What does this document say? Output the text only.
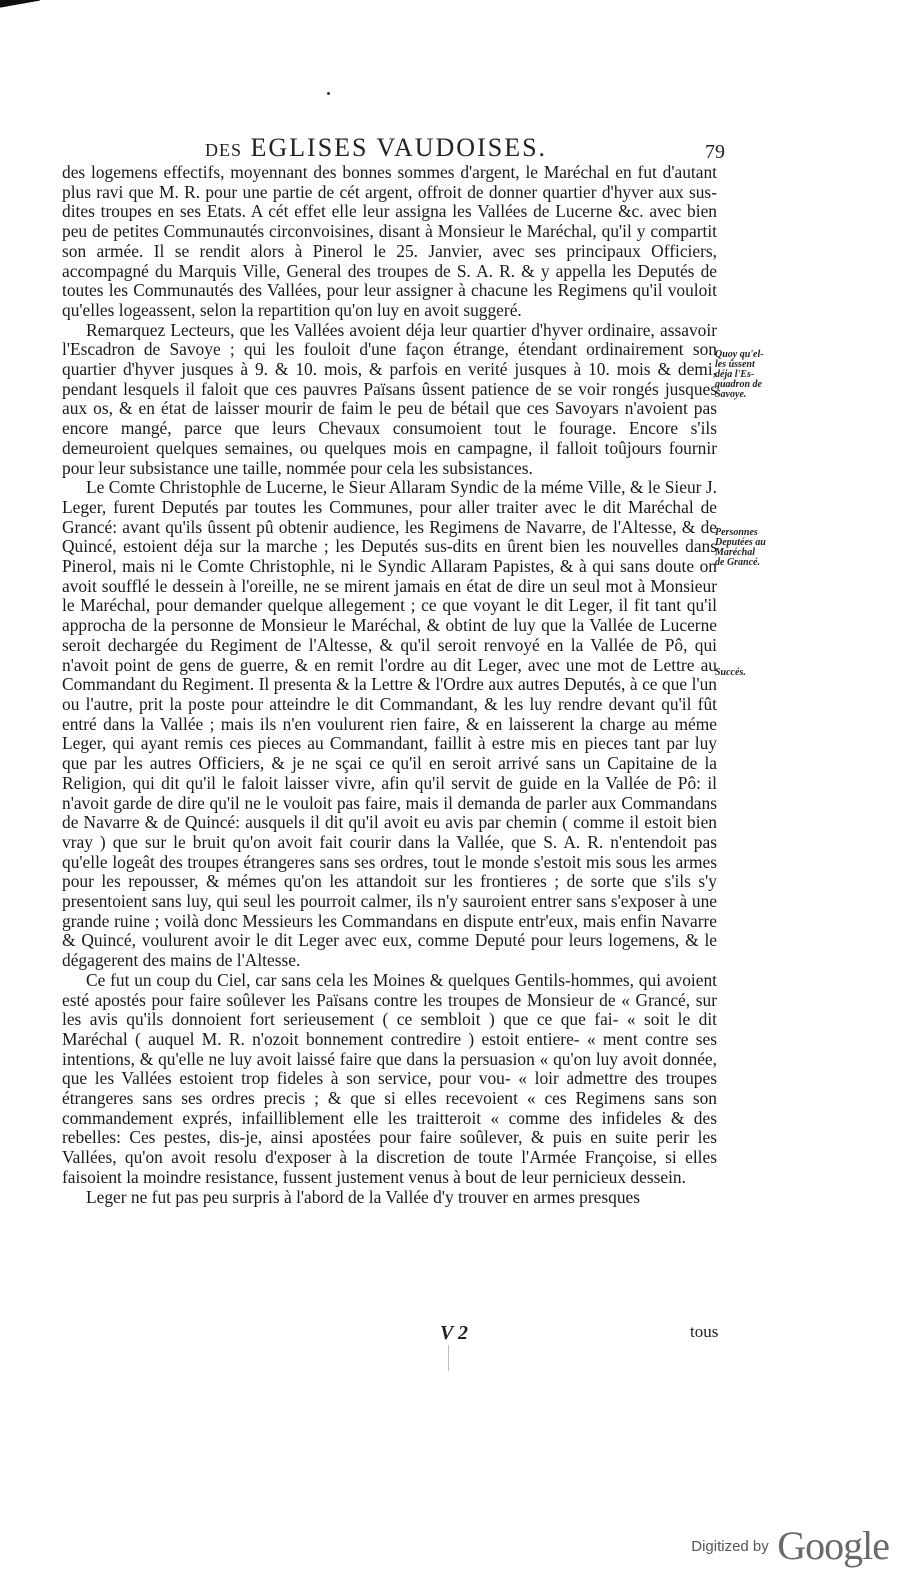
DES EGLISES VAUDOISES.	79

des logemens effectifs, moyennant des bonnes sommes d'argent, le Maréchal en fut d'autant plus ravi que M. R. pour une partie de cét argent, offroit de donner quartier d'hyver aux sus-dites troupes en ses Etats. A cét effet elle leur assigna les Vallées de Lucerne &c. avec bien peu de petites Communautés circonvoisines, disant à Monsieur le Maréchal, qu'il y compartit son armée. Il se rendit alors à Pinerol le 25. Janvier, avec ses principaux Officiers, accompagné du Marquis Ville, General des troupes de S. A. R. & y appella les Deputés de toutes les Communautés des Vallées, pour leur assigner à chacune les Regimens qu'il vouloit qu'elles logeassent, selon la repartition qu'on luy en avoit suggeré.

Remarquez Lecteurs, que les Vallées avoient déja leur quartier d'hyver ordinaire, assavoir l'Escadron de Savoye ; qui les fouloit d'une façon étrange, étendant ordinairement son quartier d'hyver jusques à 9. & 10. mois, & parfois en verité jusques à 10. mois & demi, pendant lesquels il faloit que ces pauvres Païsans ûssent patience de se voir rongés jusques aux os, & en état de laisser mourir de faim le peu de bétail que ces Savoyars n'avoient pas encore mangé, parce que leurs Chevaux consumoient tout le fourage. Encore s'ils demeuroient quelques semaines, ou quelques mois en campagne, il falloit toûjours fournir pour leur subsistance une taille, nommée pour cela les subsistances.

Le Comte Christophle de Lucerne, le Sieur Allaram Syndic de la méme Ville, & le Sieur J. Leger, furent Deputés par toutes les Communes, pour aller traiter avec le dit Maréchal de Grancé: avant qu'ils ûssent pû obtenir audience, les Regimens de Navarre, de l'Altesse, & de Quincé, estoient déja sur la marche ; les Deputés sus-dits en ûrent bien les nouvelles dans Pinerol, mais ni le Comte Christophle, ni le Syndic Allaram Papistes, & à qui sans doute on avoit soufflé le dessein à l'oreille, ne se mirent jamais en état de dire un seul mot à Monsieur le Maréchal, pour demander quelque allegement ; ce que voyant le dit Leger, il fit tant qu'il approcha de la personne de Monsieur le Maréchal, & obtint de luy que la Vallée de Lucerne seroit dechargée du Regiment de l'Altesse, & qu'il seroit renvoyé en la Vallée de Pô, qui n'avoit point de gens de guerre, & en remit l'ordre au dit Leger, avec une mot de Lettre au Commandant du Regiment. Il presenta & la Lettre & l'Ordre aux autres Deputés, à ce que l'un ou l'autre, prit la poste pour atteindre le dit Commandant, & les luy rendre devant qu'il fût entré dans la Vallée ; mais ils n'en voulurent rien faire, & en laisserent la charge au méme Leger, qui ayant remis ces pieces au Commandant, faillit à estre mis en pieces tant par luy que par les autres Officiers, & je ne sçai ce qu'il en seroit arrivé sans un Capitaine de la Religion, qui dit qu'il le faloit laisser vivre, afin qu'il servit de guide en la Vallée de Pô: il n'avoit garde de dire qu'il ne le vouloit pas faire, mais il demanda de parler aux Commandans de Navarre & de Quincé: ausquels il dit qu'il avoit eu avis par chemin ( comme il estoit bien vray ) que sur le bruit qu'on avoit fait courir dans la Vallée, que S. A. R. n'entendoit pas qu'elle logeât des troupes étrangeres sans ses ordres, tout le monde s'estoit mis sous les armes pour les repousser, & mémes qu'on les attandoit sur les frontieres ; de sorte que s'ils s'y presentoient sans luy, qui seul les pourroit calmer, ils n'y sauroient entrer sans s'exposer à une grande ruine ; voilà donc Messieurs les Commandans en dispute entr'eux, mais enfin Navarre & Quincé, voulurent avoir le dit Leger avec eux, comme Deputé pour leurs logemens, & le dégagerent des mains de l'Altesse.

Ce fut un coup du Ciel, car sans cela les Moines & quelques Gentils-hommes, qui avoient esté apostés pour faire soûlever les Païsans contre les troupes de Monsieur de « Grancé, sur les avis qu'ils donnoient fort serieusement ( ce sembloit ) que ce que fai- « soit le dit Maréchal ( auquel M. R. n'ozoit bonnement contredire ) estoit entiere- « ment contre ses intentions, & qu'elle ne luy avoit laissé faire que dans la persuasion « qu'on luy avoit donnée, que les Vallées estoient trop fideles à son service, pour vou- « loir admettre des troupes étrangeres sans ses ordres precis ; & que si elles recevoient « ces Regimens sans son commandement exprés, infailliblement elle les traitteroit « comme des infideles & des rebelles: Ces pestes, dis-je, ainsi apostées pour faire soûlever, & puis en suite perir les Vallées, qu'on avoit resolu d'exposer à la discretion de toute l'Armée Françoise, si elles faisoient la moindre resistance, fussent justement venus à bout de leur pernicieux dessein.

Leger ne fut pas peu surpris à l'abord de la Vallée d'y trouver en armes presques

Quoy qu'el-
les ûssent
déja l'Es-
quadron de
Savoye.
Personnes
Deputées au
Maréchal
de Grancé.
Succés.
V 2	tous
Digitized by Google
